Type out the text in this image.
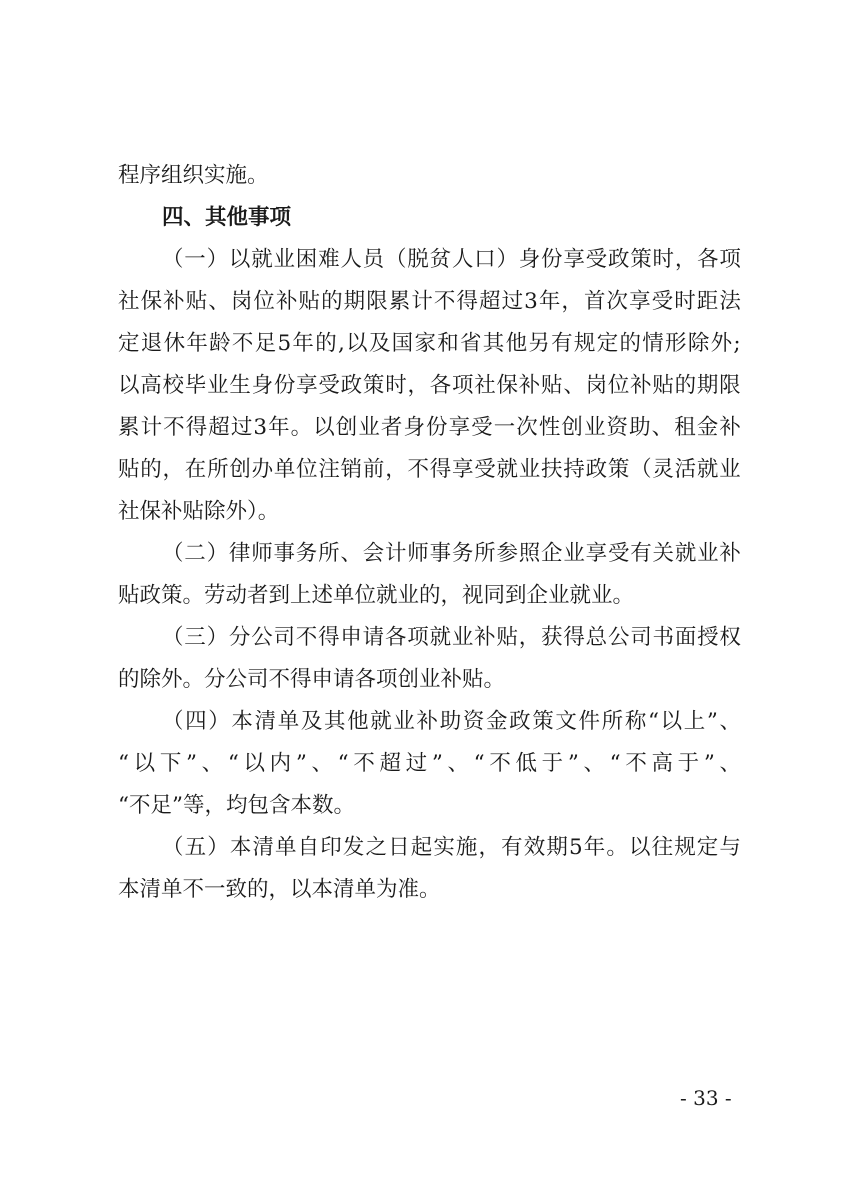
程序组织实施。

四、其他事项

（ 一 ） 以 就 业 困 难 人 员 （ 脱 贫 人 口 ） 身 份 享 受 政 策 时 ， 各 项

社 保 补 贴 、 岗 位 补 贴 的 期 限 累 计 不 得 超 过 3 年 ， 首 次 享 受 时 距 法

定 退 休 年 龄 不 足 5 年 的 , 以 及 国 家 和 省 其 他 另 有 规 定 的 情 形 除 外 ;

以 高 校 毕 业 生 身 份 享 受 政 策 时 ， 各 项 社 保 补 贴 、 岗 位 补 贴 的 期 限

累 计 不 得 超 过 3 年 。 以 创 业 者 身 份 享 受 一 次 性 创 业 资 助 、 租 金 补

贴 的 ， 在 所 创 办 单 位 注 销 前 ， 不 得 享 受 就 业 扶 持 政 策 （ 灵 活 就 业

社保补贴除外）。

（ 二 ） 律 师 事 务 所 、 会 计 师 事 务 所 参 照 企 业 享 受 有 关 就 业 补

贴政策。劳动者到上述单位就业的，视同到企业就业。

（ 三 ） 分 公 司 不 得 申 请 各 项 就 业 补 贴 ， 获 得 总 公 司 书 面 授 权

的除外。分公司不得申请各项创业补贴。

（ 四 ） 本 清 单 及 其 他 就 业 补 助 资 金 政 策 文 件 所 称 “ 以 上 ” 、

“ 以 下 ” 、 “ 以 内 ” 、 “ 不 超 过 ” 、 “ 不 低 于 ” 、 “ 不 高 于 ” 、

“不足”等，均包含本数。

（ 五 ） 本 清 单 自 印 发 之 日 起 实 施 ， 有 效 期 5 年 。 以 往 规 定 与

本清单不一致的，以本清单为准。

- 33 -
